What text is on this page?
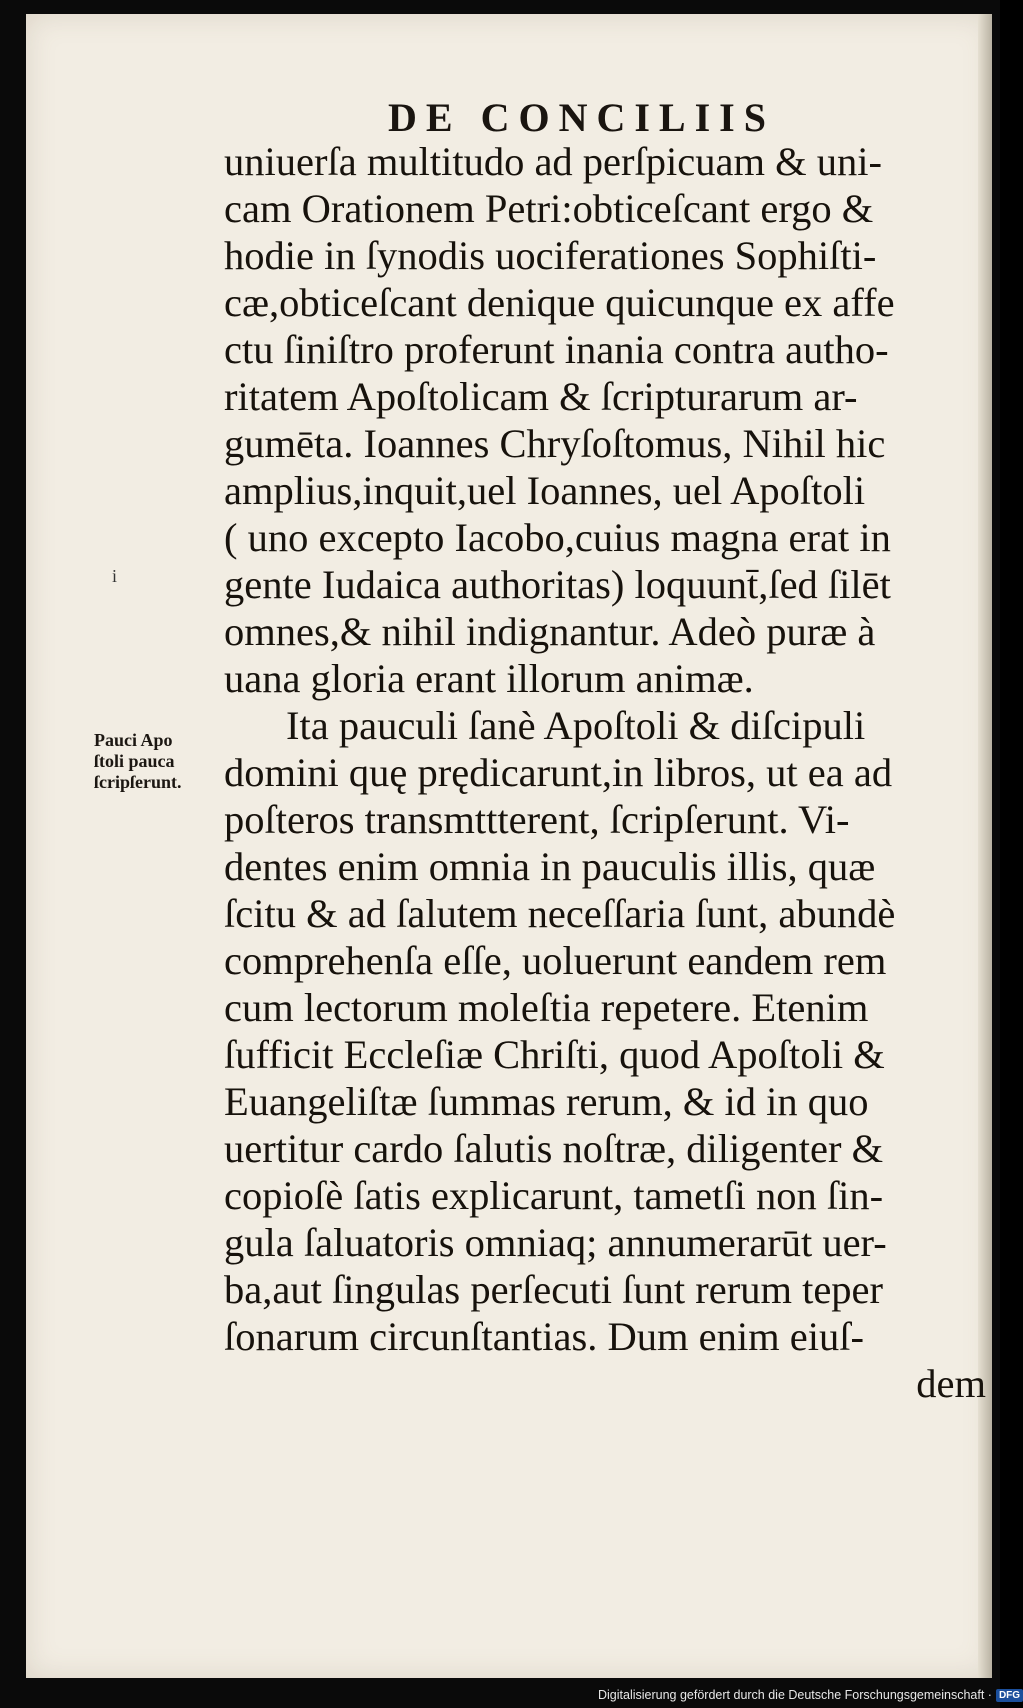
DE CONCILIIS
i
Pauci Apo
ſtoli pauca
ſcripſerunt.
uniuerſa multitudo ad perſpicuam & uni-
cam Orationem Petri:obticeſcant ergo &
hodie in ſynodis uociferationes Sophiſti-
cæ,obticeſcant denique quicunque ex affe
ctu ſiniſtro proferunt inania contra autho-
ritatem Apoſtolicam & ſcripturarum ar-
gumēta. Ioannes Chryſoſtomus, Nihil hic
amplius,inquit,uel Ioannes, uel Apoſtoli
( uno excepto Iacobo,cuius magna erat in
gente Iudaica authoritas) loquunt̄,ſed ſilēt
omnes,& nihil indignantur. Adeò puræ à
uana gloria erant illorum animæ.
Ita pauculi ſanè Apoſtoli & diſcipuli
domini quę prędicarunt,in libros, ut ea ad
poſteros transmttterent, ſcripſerunt. Vi-
dentes enim omnia in pauculis illis, quæ
ſcitu & ad ſalutem neceſſaria ſunt, abundè
comprehenſa eſſe, uoluerunt eandem rem
cum lectorum moleſtia repetere. Etenim
ſufficit Eccleſiæ Chriſti, quod Apoſtoli &
Euangeliſtæ ſummas rerum, & id in quo
uertitur cardo ſalutis noſtræ, diligenter &
copioſè ſatis explicarunt, tametſi non ſin-
gula ſaluatoris omniaq; annumerarūt uer-
ba,aut ſingulas perſecuti ſunt rerum teper
ſonarum circunſtantias. Dum enim eiuſ-
dem
Digitalisierung gefördert durch die Deutsche Forschungsgemeinschaft · DFG
